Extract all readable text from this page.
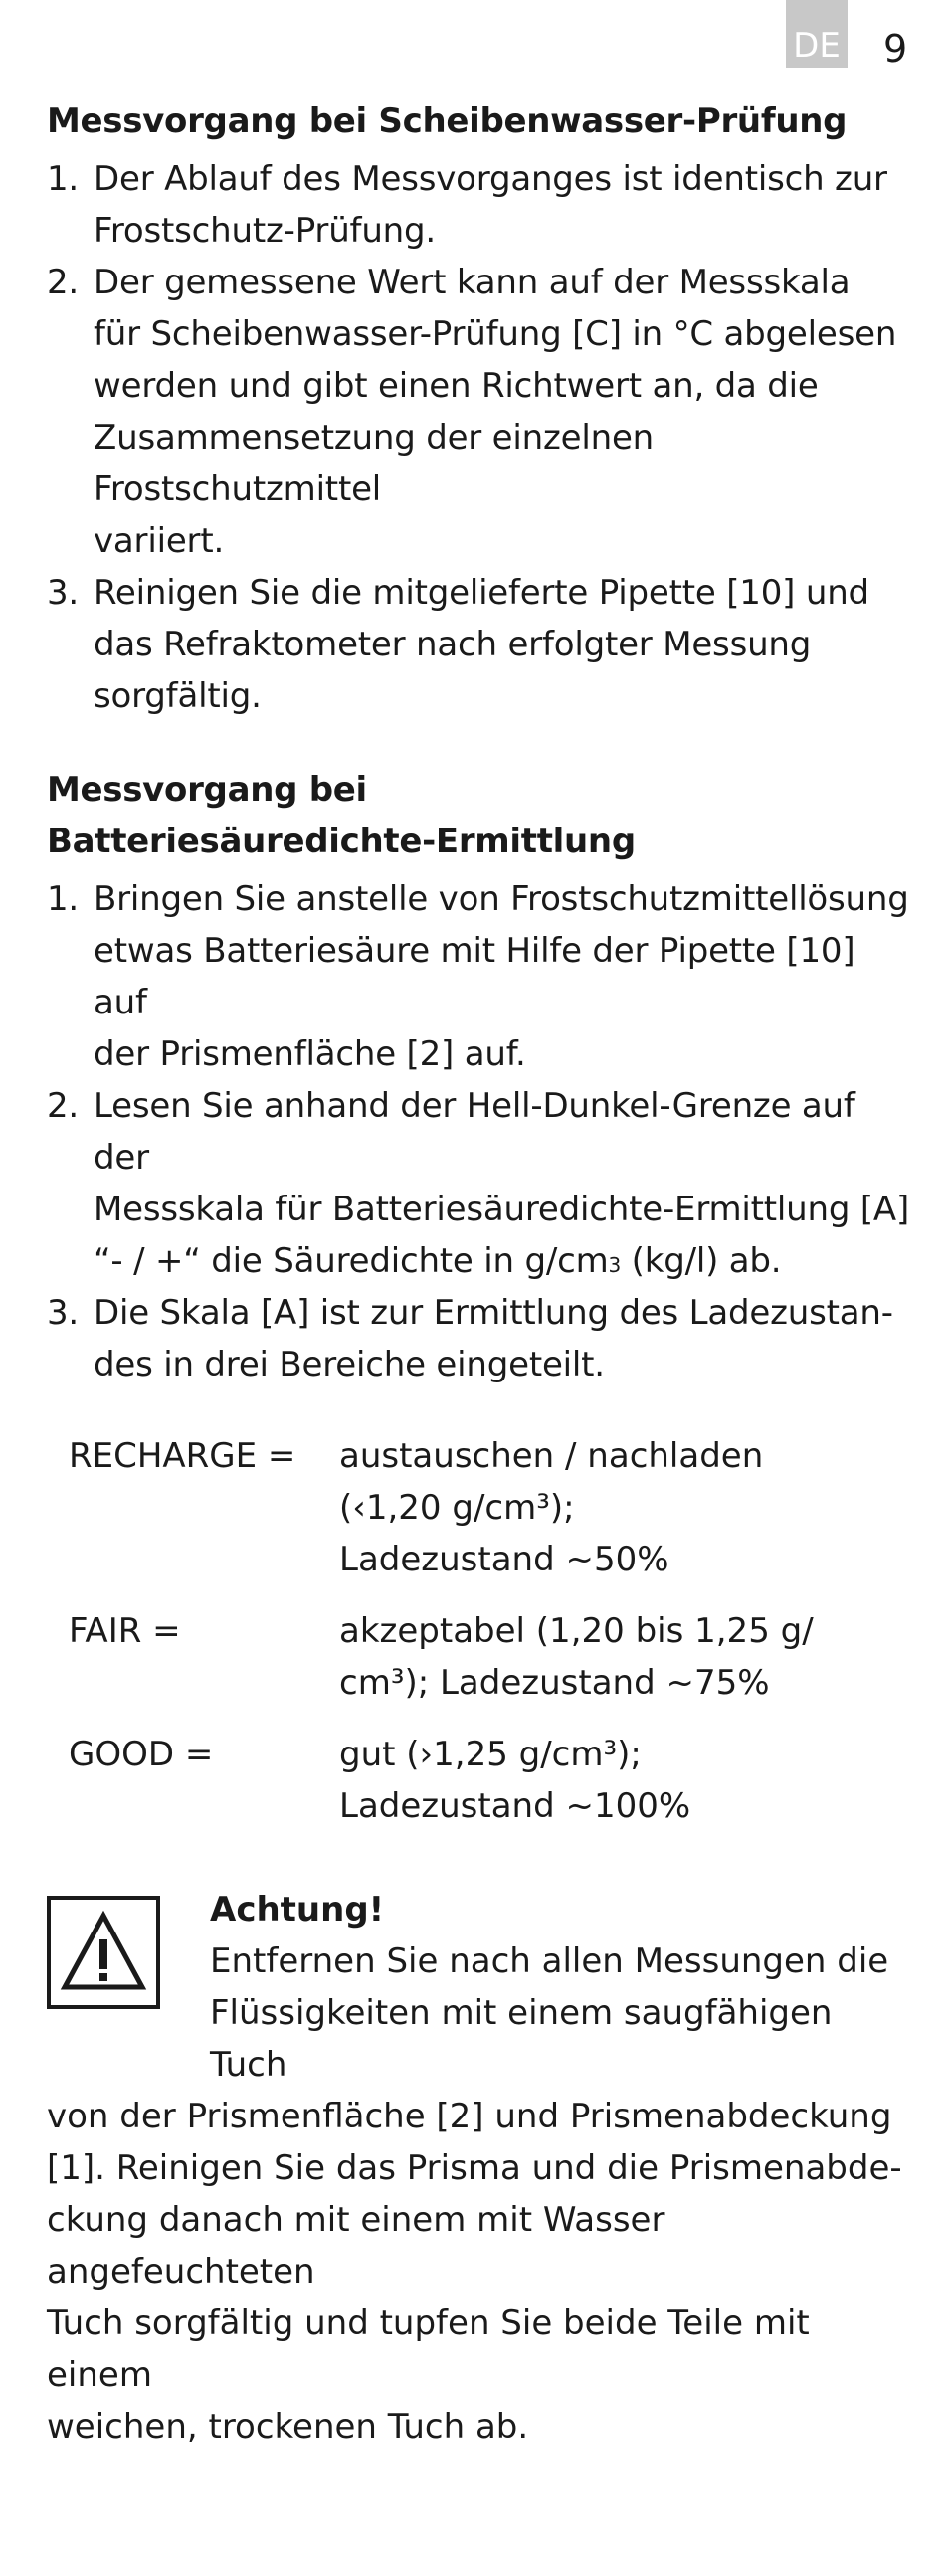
DE 9
Messvorgang bei Scheibenwasser-Prüfung
1. Der Ablauf des Messvorganges ist identisch zur
Frostschutz-Prüfung.
2. Der gemessene Wert kann auf der Messskala
für Scheibenwasser-Prüfung [C] in °C abgelesen
werden und gibt einen Richtwert an, da die
Zusammensetzung der einzelnen Frostschutzmittel
variiert.
3. Reinigen Sie die mitgelieferte Pipette [10] und
das Refraktometer nach erfolgter Messung
sorgfältig.
Messvorgang bei
Batteriesäuredichte-Ermittlung
1. Bringen Sie anstelle von Frostschutzmittellösung
etwas Batteriesäure mit Hilfe der Pipette [10] auf
der Prismenfläche [2] auf.
2. Lesen Sie anhand der Hell-Dunkel-Grenze auf der
Messskala für Batteriesäuredichte-Ermittlung [A]
“- / +“ die Säuredichte in $g/cm^3$ (kg/l) ab.
3. Die Skala [A] ist zur Ermittlung des Ladezustan-
des in drei Bereiche eingeteilt.
RECHARGE =	austauschen / nachladen
(‹1,20 g/cm³);
Ladezustand ~50%
FAIR =	akzeptabel (1,20 bis 1,25 g/
cm³); Ladezustand ~75%
GOOD =	gut (›1,25 g/cm³);
Ladezustand ~100%
Achtung!
Entfernen Sie nach allen Messungen die
Flüssigkeiten mit einem saugfähigen Tuch
von der Prismenfläche [2] und Prismenabdeckung
[1]. Reinigen Sie das Prisma und die Prismenabde-
ckung danach mit einem mit Wasser angefeuchteten
Tuch sorgfältig und tupfen Sie beide Teile mit einem
weichen, trockenen Tuch ab.
